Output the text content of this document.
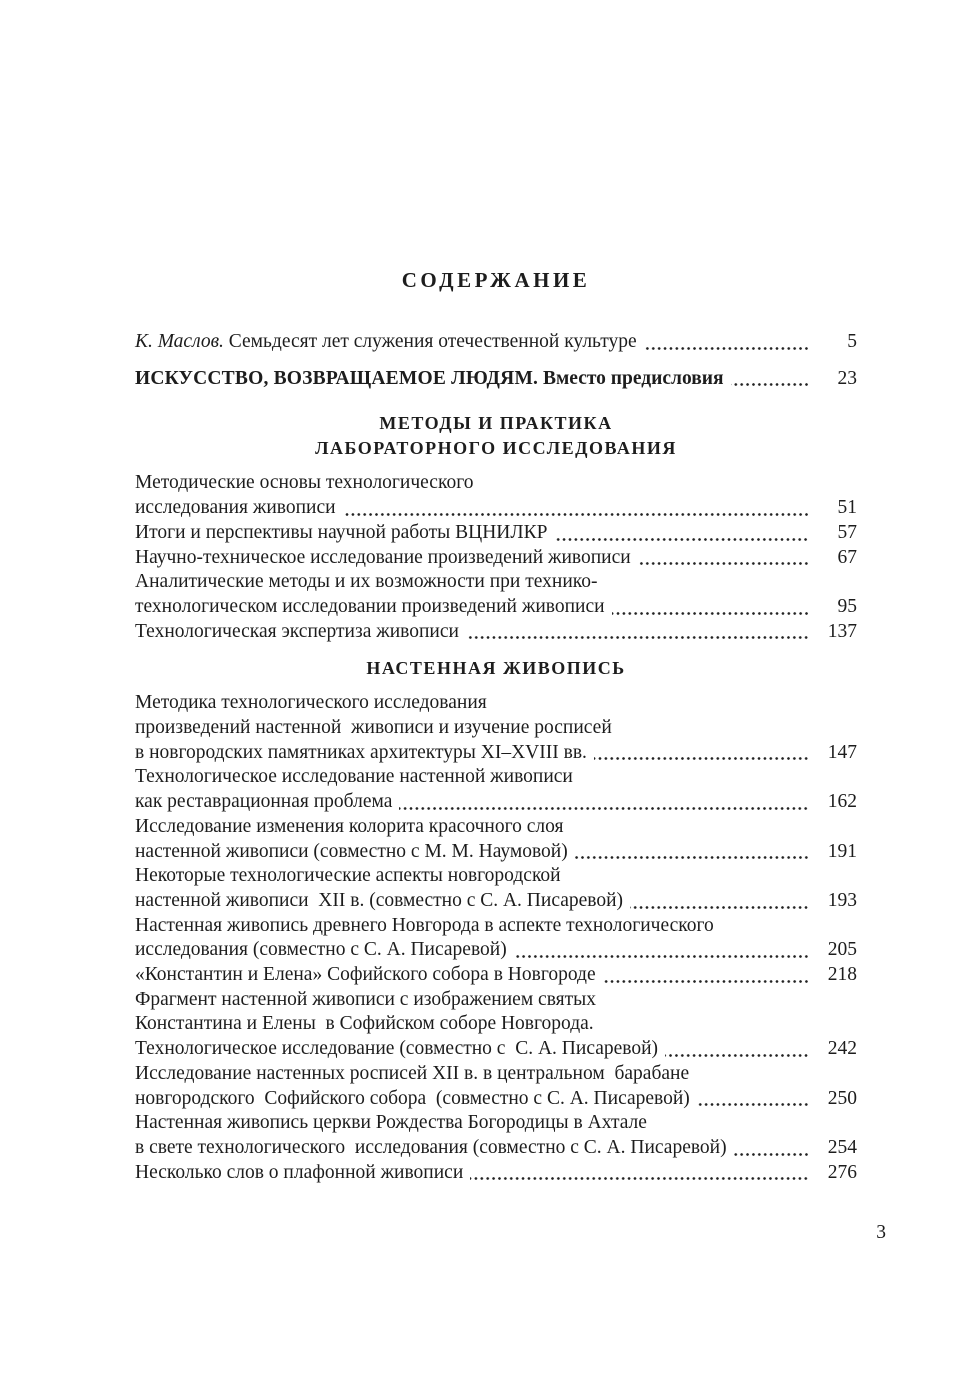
СОДЕРЖАНИЕ
К. Маслов. Семьдесят лет служения отечественной культуре	5
ИСКУССТВО, ВОЗВРАЩАЕМОЕ ЛЮДЯМ. Вместо предисловия	23
МЕТОДЫ И ПРАКТИКА
ЛАБОРАТОРНОГО ИССЛЕДОВАНИЯ
Методические основы технологического
исследования живописи	51
Итоги и перспективы научной работы ВЦНИЛКР	57
Научно-техническое исследование произведений живописи	67
Аналитические методы и их возможности при технико-
технологическом исследовании произведений живописи	95
Технологическая экспертиза живописи	137
НАСТЕННАЯ ЖИВОПИСЬ
Методика технологического исследования
произведений настенной  живописи и изучение росписей
в новгородских памятниках архитектуры XI–XVIII вв.	147
Технологическое исследование настенной живописи
как реставрационная проблема	162
Исследование изменения колорита красочного слоя
настенной живописи (совместно с М. М. Наумовой)	191
Некоторые технологические аспекты новгородской
настенной живописи  XII в. (совместно с С. А. Писаревой)	193
Настенная живопись древнего Новгорода в аспекте технологического
исследования (совместно с С. А. Писаревой)	205
«Константин и Елена» Софийского собора в Новгороде	218
Фрагмент настенной живописи с изображением святых
Константина и Елены  в Софийском соборе Новгорода.
Технологическое исследование (совместно с  С. А. Писаревой)	242
Исследование настенных росписей XII в. в центральном  барабане
новгородского  Софийского собора  (совместно с С. А. Писаревой)	250
Настенная живопись церкви Рождества Богородицы в Ахтале
в свете технологического  исследования (совместно с С. А. Писаревой)	254
Несколько слов о плафонной живописи	276
3
